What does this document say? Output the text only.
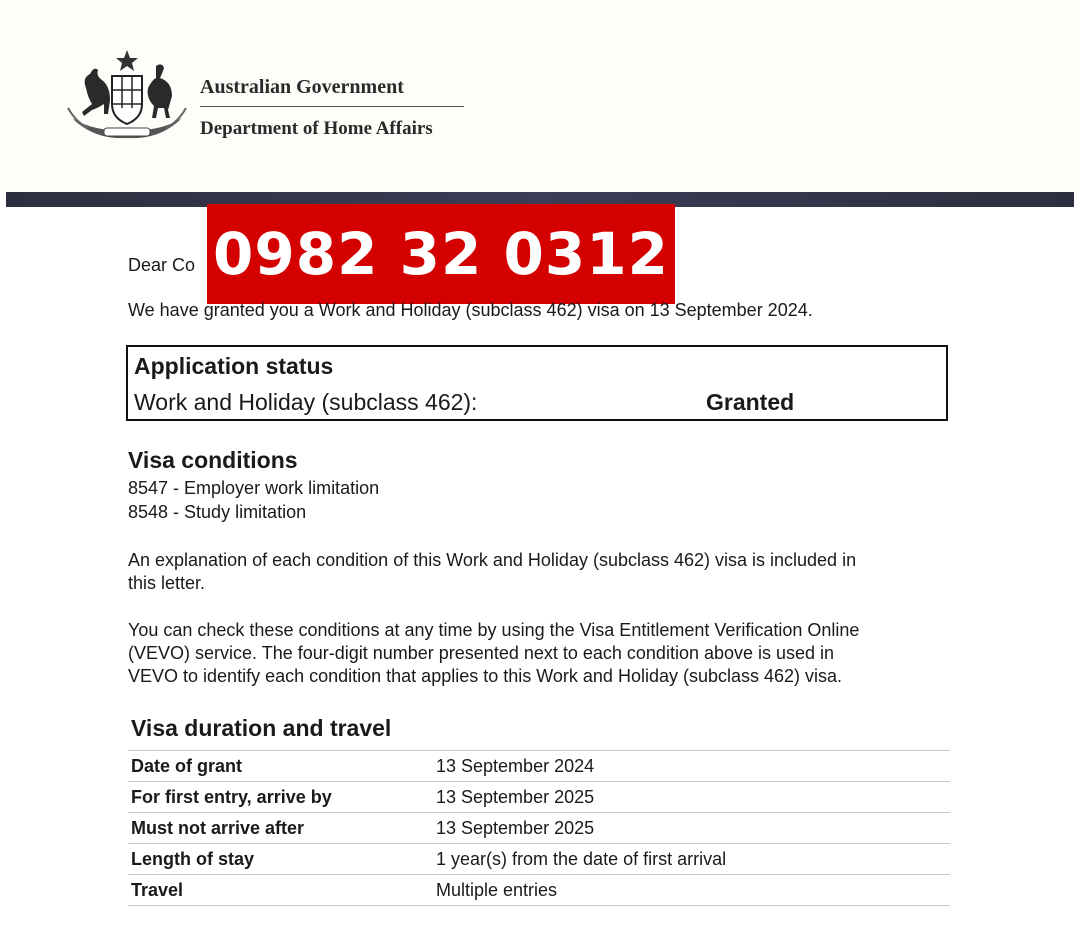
Australian Government
Department of Home Affairs
Dear Co 0982 32 0312
We have granted you a Work and Holiday (subclass 462) visa on 13 September 2024.
Application status
Work and Holiday (subclass 462):	Granted
Visa conditions
8547 - Employer work limitation
8548 - Study limitation
An explanation of each condition of this Work and Holiday (subclass 462) visa is included in
this letter.
You can check these conditions at any time by using the Visa Entitlement Verification Online
(VEVO) service. The four-digit number presented next to each condition above is used in
VEVO to identify each condition that applies to this Work and Holiday (subclass 462) visa.
Visa duration and travel
Date of grant	13 September 2024
For first entry, arrive by	13 September 2025
Must not arrive after	13 September 2025
Length of stay	1 year(s) from the date of first arrival
Travel	Multiple entries
